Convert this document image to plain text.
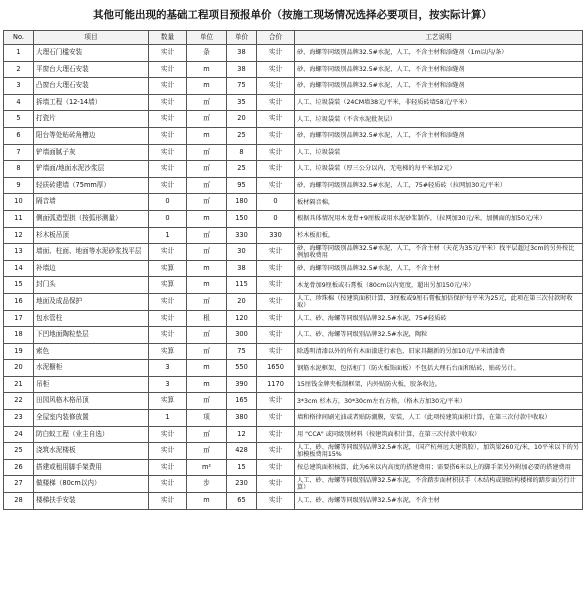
其他可能出现的基础工程项目预报单价（按施工现场情况选择必要项目，按实际计算）
No.	项目	数量	单位	单价	合价	工艺说明
1	大理石门槛安装	实计	条	38	实计	砂、海螺等同级别品牌32.5#水泥，人工，不含主材和添缝剂（1m以内/条）
2	平窗台大理石安装	实计	m	38	实计	砂、海螺等同级别品牌32.5#水泥，人工，不含主材和添缝剂
3	凸窗台大理石安装	实计	m	75	实计	砂、海螺等同级别品牌32.5#水泥，人工，不含主材和添缝剂
4	拆墙工程（12-14墙）	实计	㎡	35	实计	人工、垃圾袋装（24CM墙38元/平米，非轻质砖墙58元/平米）
5	打瓷片	实计	㎡	20	实计	人工、垃圾袋装（不含水泥批灰层）
6	阳台等处贴砖角槽边	实计	m	25	实计	砂、海螺等同级别品牌32.5#水泥，人工，不含主材和添缝剂
7	铲墙面腻子灰	实计	㎡	8	实计	人工、垃圾袋装
8	铲墙面/地面水泥沙浆层	实计	㎡	25	实计	人工、垃圾袋装（厚三公分以内，无电梯的每平米加2元）
9	轻质砖建墙（75mm厚）	实计	㎡	95	实计	砂、海螺等同级别品牌32.5#水泥，人工，75#轻质砖（拉网加30元/平米）
10	隔音墙	0	㎡	180	0	板材隔音棉，
11	侧面弧造型拱（按弧形测量）	0	m	150	0	根据具体情况用木龙骨+9厘板或用水泥砂浆制作，（拉网加30元/米，加侧面的加50元/米）
12	杉木板吊顶	1	㎡	330	330	杉木板扣板，
13	墙面、柱面、地面等水泥砂浆找平层	实计	㎡	30	实计	砂、海螺等同级别品牌32.5#水泥，人工，不含主材（天花为35元/平米）找平层超过3cm的另外按比例加收费用
14	补墙边	实算	m	38	实计	砂、海螺等同级别品牌32.5#水泥，人工，不含主材
15	封门头	实算	m	115	实计	木龙骨加9厘板或石膏板（80cm以内宽度，超出另加150元/米）
16	地面及成品保护	实计	㎡	20	实计	人工、珍珠棉（按建筑面积计算，3厘板或9厘石膏板加倍保护每平米为25元，此项在第三次付款时收取）
17	包水管柱	实计	根	120	实计	人工、砂、海螺等同级别品牌32.5#水泥，75#轻质砖
18	下凹地面陶粒垫层	实计	㎡	300	实计	人工、砂、海螺等同级别品牌32.5#水泥，陶粒
19	索色	实算	㎡	75	实计	除透明清漆以外的所有木面漆进行索色，旧家具翻新的另加10元/平米清漆费
20	水泥橱柜	3	m	550	1650	钢筋水泥框架、包括柜门（防火板饰面板）不包括大理石台面和贴砖，贴砖另计。
21	吊柜	3	m	390	1170	15厘钱金牌夹板制框架，内外贴防火板，胶条收边。
22	田园风格木格吊顶	实算	㎡	165	实计	3*3cm 杉木方，30*30cm左右方格，（格木方加30元/平米）
23	全屋室内装修放置	1	项	380	实计	墙和格律间刷光油或者贴防潮膜，安装，人工（此项按建筑面积计算，在第三次付款中收取）
24	防白蚁工程（业主自选）	实计	㎡	12	实计	用 "CCA" 或同级别材料（按建筑面积计算，在第三次付款中收取）
25	浇筑水泥楼板	实计	㎡	428	实计	人工、砂、海螺等同级别品牌32.5#水泥，（国产杭州远大建筑胶），加筑梁260元/米，10平米以下的另加模板费用15%
26	搭建或租用脚手架费用	实计	m²	15	实计	按总建筑面积核算，此为6米以内高度的搭建费用；需要搭6米以上的脚手架另外附加必要的搭建费用
27	做楼梯（80cm以内）	实计	步	230	实计	人工、砂、海螺等同级别品牌32.5#水泥，不含踏步面材积扶手（木结构或钢结构楼梯的踏步面另行计算）
28	楼梯扶手安装	实计	m	65	实计	人工、砂、海螺等同级别品牌32.5#水泥，不含主材
